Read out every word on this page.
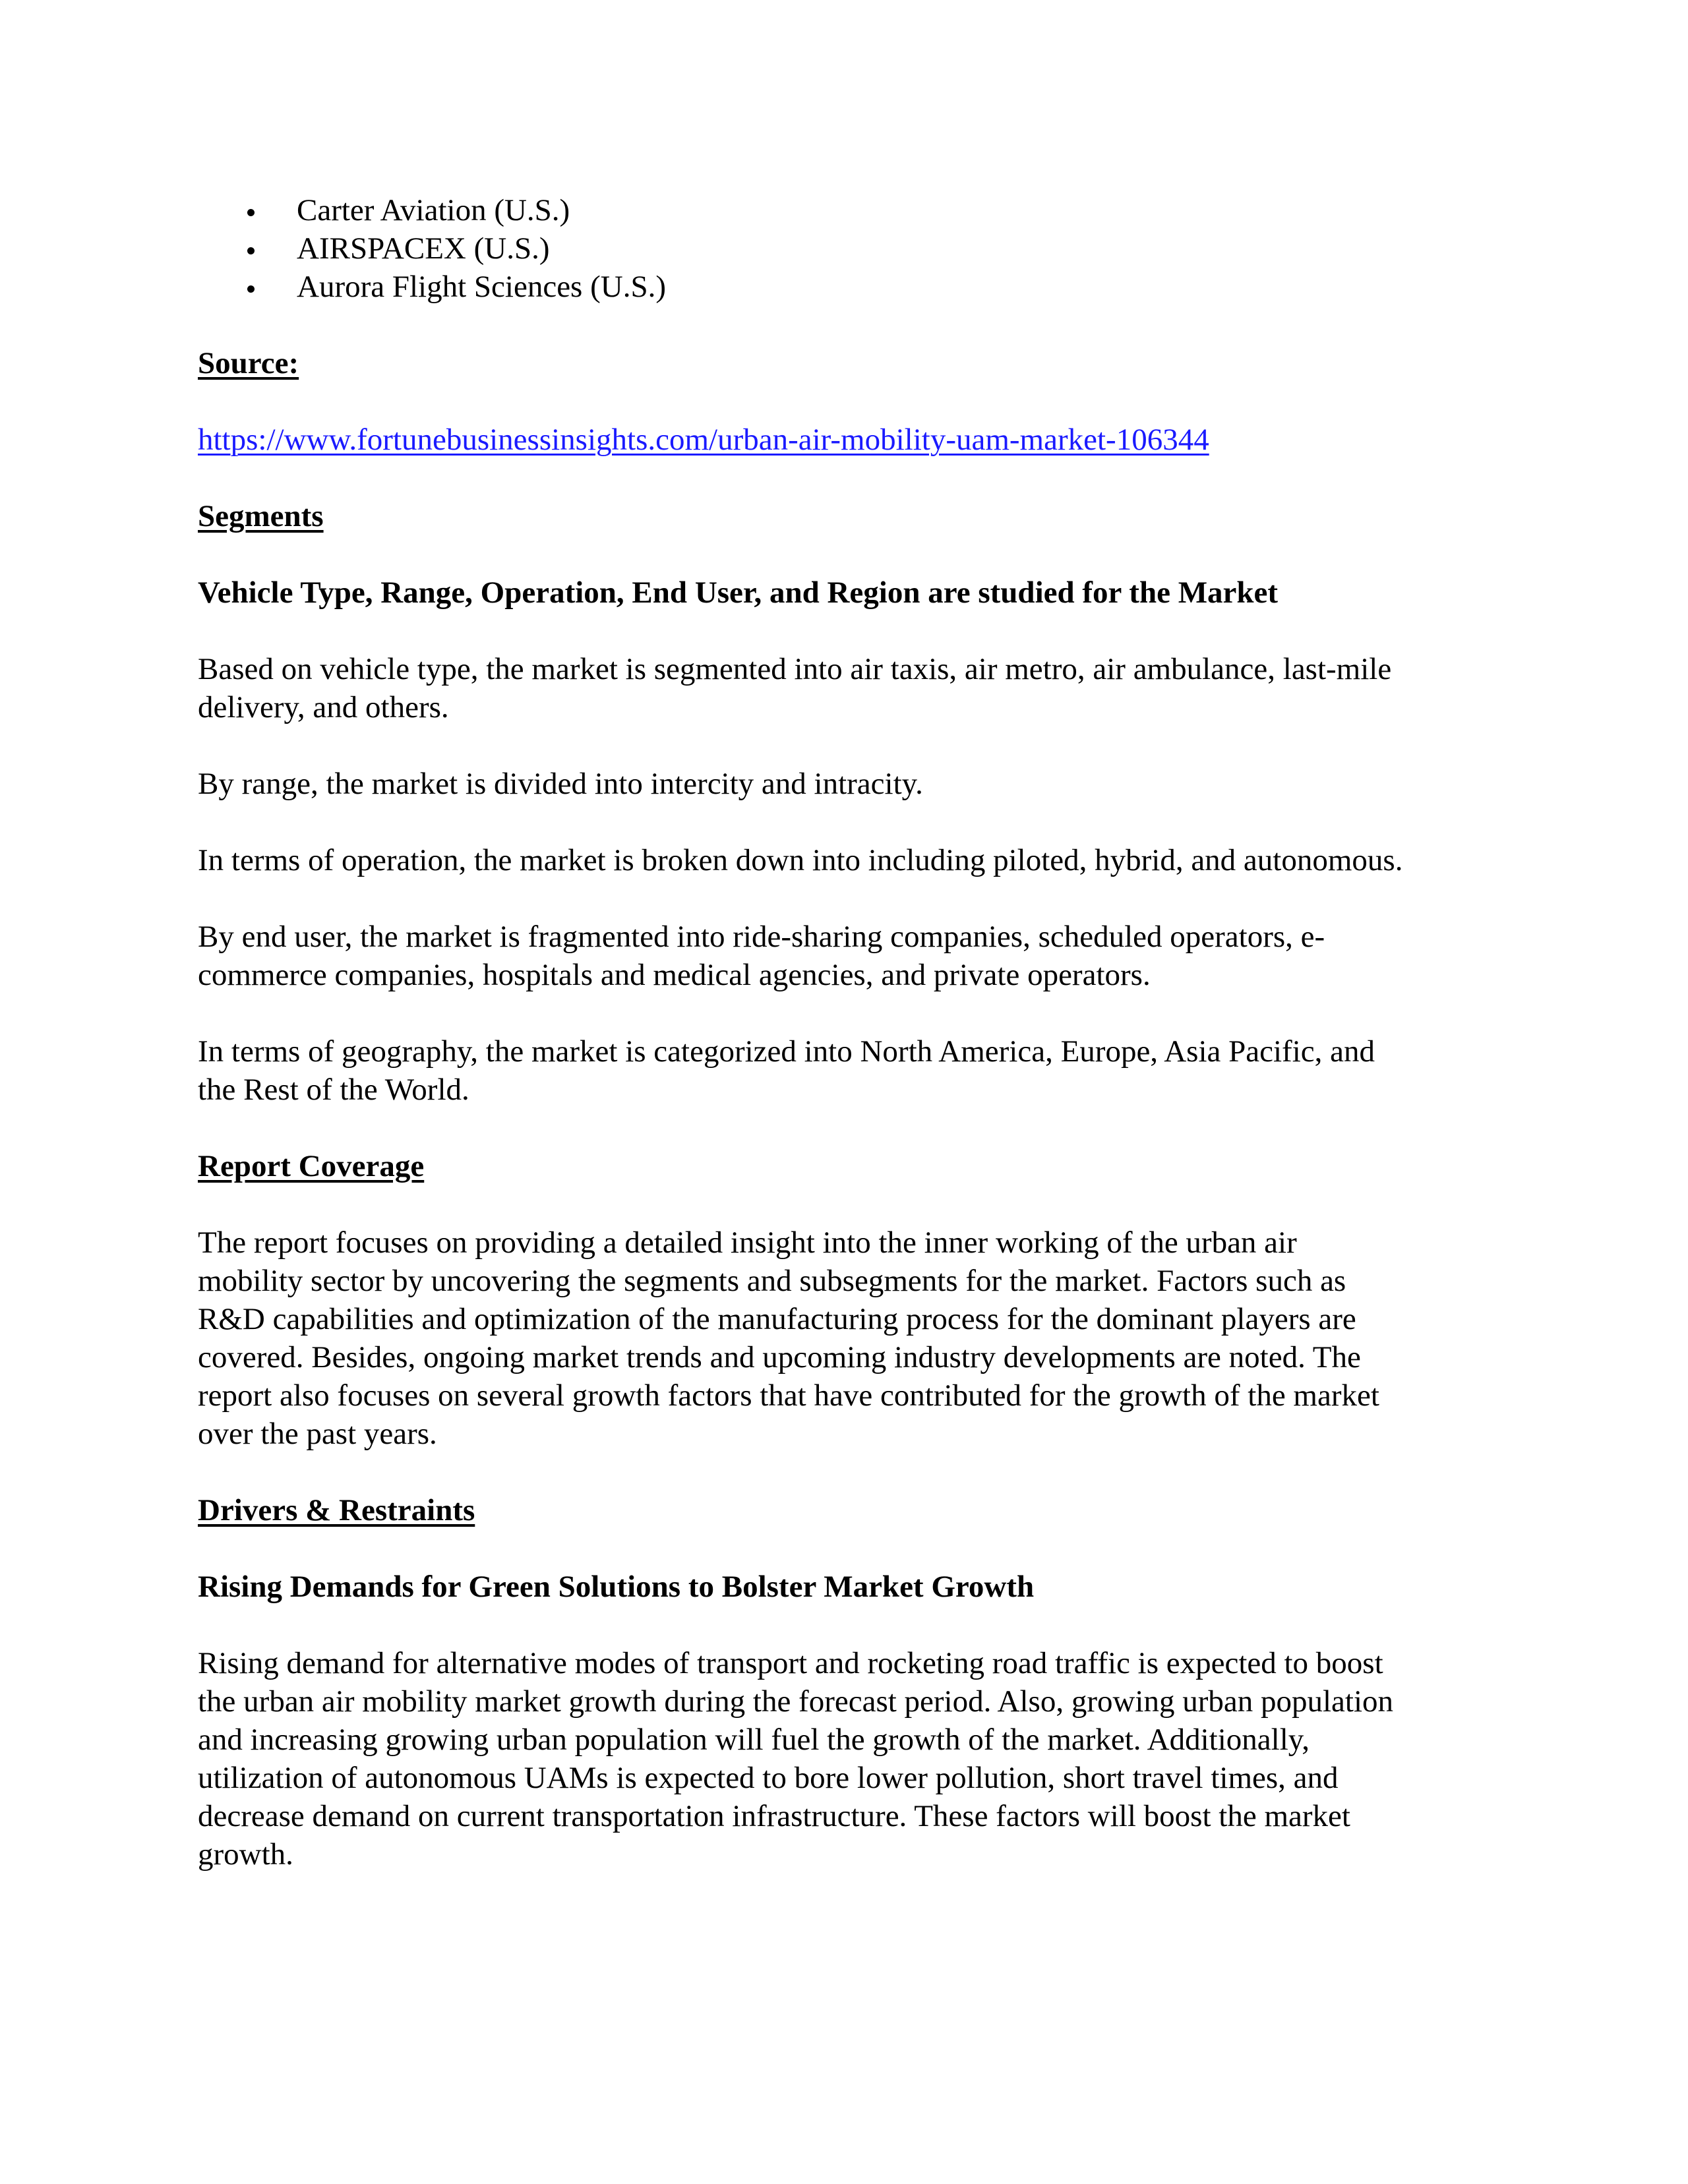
Carter Aviation (U.S.)
AIRSPACEX (U.S.)
Aurora Flight Sciences (U.S.)

Source:

https://www.fortunebusinessinsights.com/urban-air-mobility-uam-market-106344

Segments

Vehicle Type, Range, Operation, End User, and Region are studied for the Market

Based on vehicle type, the market is segmented into air taxis, air metro, air ambulance, last-mile
delivery, and others.

By range, the market is divided into intercity and intracity.

In terms of operation, the market is broken down into including piloted, hybrid, and autonomous.

By end user, the market is fragmented into ride-sharing companies, scheduled operators, e-
commerce companies, hospitals and medical agencies, and private operators.

In terms of geography, the market is categorized into North America, Europe, Asia Pacific, and
the Rest of the World.

Report Coverage

The report focuses on providing a detailed insight into the inner working of the urban air
mobility sector by uncovering the segments and subsegments for the market. Factors such as
R&D capabilities and optimization of the manufacturing process for the dominant players are
covered. Besides, ongoing market trends and upcoming industry developments are noted. The
report also focuses on several growth factors that have contributed for the growth of the market
over the past years.

Drivers & Restraints

Rising Demands for Green Solutions to Bolster Market Growth

Rising demand for alternative modes of transport and rocketing road traffic is expected to boost
the urban air mobility market growth during the forecast period. Also, growing urban population
and increasing growing urban population will fuel the growth of the market. Additionally,
utilization of autonomous UAMs is expected to bore lower pollution, short travel times, and
decrease demand on current transportation infrastructure. These factors will boost the market
growth.
